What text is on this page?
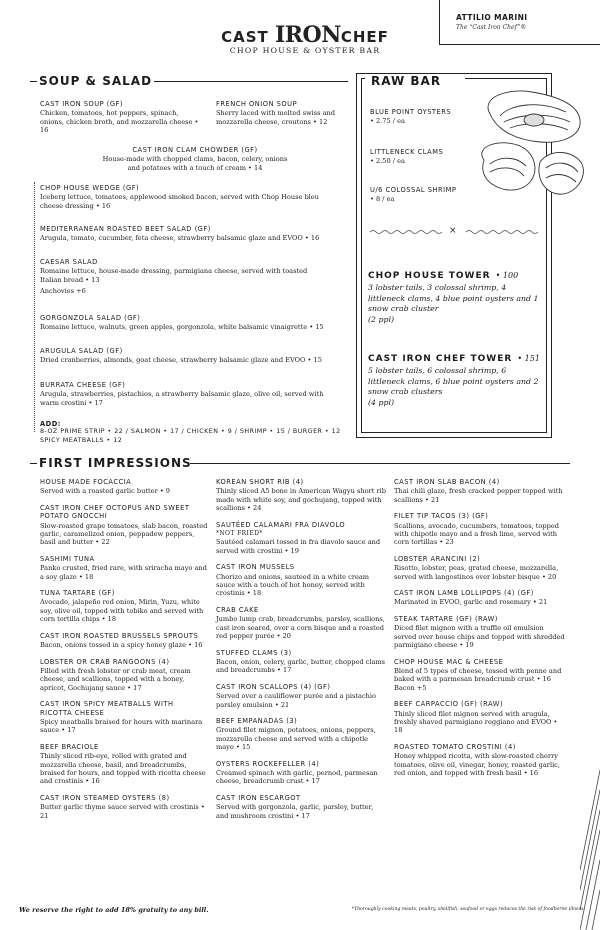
ATTILIO MARINI
The “Cast Iron Chef”®
CAST IRONCHEF
CHOP HOUSE & OYSTER BAR
SOUP & SALAD	RAW BAR
CAST IRON SOUP (GF)
Chicken, tomatoes, hot peppers, spinach, onions, chicken broth, and mozzarella cheese • 16
FRENCH ONION SOUP
Sherry laced with melted swiss and mozzarella cheese, croutons • 12
CAST IRON CLAM CHOWDER (GF)
House-made with chopped clams, bacon, celery, onions and potatoes with a touch of cream • 14
CHOP HOUSE WEDGE (GF)
Iceberg lettuce, tomatoes, applewood smoked bacon, served with Chop House bleu cheese dressing • 16
MEDITERRANEAN ROASTED BEET SALAD (GF)
Arugula, tomato, cucumber, feta cheese, strawberry balsamic glaze and EVOO • 16
CAESAR SALAD
Romaine lettuce, house-made dressing, parmigiana cheese, served with toasted Italian bread • 13
Anchovies +6
GORGONZOLA SALAD (GF)
Romaine lettuce, walnuts, green apples, gorgonzola, white balsamic vinaigrette • 15
ARUGULA SALAD (GF)
Dried cranberries, almonds, goat cheese, strawberry balsamic glaze and EVOO • 15
BURRATA CHEESE (GF)
Arugula, strawberries, pistachios, a strawberry balsamic glaze, olive oil, served with warm crostini • 17
ADD:
8-OZ PRIME STRIP • 22 / SALMON • 17 / CHICKEN • 9 / SHRIMP • 15 / BURGER • 12
SPICY MEATBALLS • 12
BLUE POINT OYSTERS
• 2.75 / ea
LITTLENECK CLAMS
• 2.50 / ea
U/6 COLOSSAL SHRIMP
• 8 / ea
×
CHOP HOUSE TOWER • 100
3 lobster tails, 3 colossal shrimp, 4 littleneck clams, 4 blue point oysters and 1 snow crab cluster
(2 ppl)
CAST IRON CHEF TOWER • 151
5 lobster tails, 6 colossal shrimp, 6 littleneck clams, 6 blue point oysters and 2 snow crab clusters
(4 ppl)
FIRST IMPRESSIONS
HOUSE MADE FOCACCIA
Served with a roasted garlic butter • 9
CAST IRON CHEF OCTOPUS AND SWEET POTATO GNOCCHI
Slow-roasted grape tomatoes, slab bacon, roasted garlic, caramelized onion, peppadew peppers, basil and butter • 22
SASHIMI TUNA
Panko crusted, fried rare, with sriracha mayo and a soy glaze • 18
TUNA TARTARE (GF)
Avocado, jalapeño red onion, Mirin, Yuzu, white soy, olive oil, topped with tobiko and served with corn tortilla chips • 18
CAST IRON ROASTED BRUSSELS SPROUTS
Bacon, onions tossed in a spicy honey glaze • 16
LOBSTER OR CRAB RANGOONS (4)
Filled with fresh lobster or crab meat, cream cheese, and scallions, topped with a honey, apricot, Gochujang sauce • 17
CAST IRON SPICY MEATBALLS WITH RICOTTA CHEESE
Spicy meatballs braised for hours with marinara sauce • 17
BEEF BRACIOLE
Thinly sliced rib-eye, rolled with grated and mozzarella cheese, basil, and breadcrumbs, braised for hours, and topped with ricotta cheese and crostinis • 16
CAST IRON STEAMED OYSTERS (8)
Butter garlic thyme sauce served with crostinis • 21
KOREAN SHORT RIB (4)
Thinly sliced A5 bone in American Wagyu short rib made with white soy, and gochujang, topped with scallions • 24
SAUTÉED CALAMARI FRA DIAVOLO
*NOT FRIED*
Sautéed calamari tossed in fra diavolo sauce and served with crostini • 19
CAST IRON MUSSELS
Chorizo and onions, sauteed in a white cream sauce with a touch of hot honey, served with crostinis • 18
CRAB CAKE
Jumbo lump crab, breadcrumbs, parsley, scallions, cast iron seared, over a corn bisque and a roasted red pepper purée • 20
STUFFED CLAMS (3)
Bacon, onion, celery, garlic, butter, chopped clams and breadcrumbs • 17
CAST IRON SCALLOPS (4) (GF)
Served over a cauliflower purée and a pistachio parsley emulsion • 21
BEEF EMPANADAS (3)
Ground filet mignon, potatoes, onions, peppers, mozzarella cheese and served with a chipotle mayo • 15
OYSTERS ROCKEFELLER (4)
Creamed spinach with garlic, pernod, parmesan cheese, breadcrumb crust • 17
CAST IRON ESCARGOT
Served with gorgonzola, garlic, parsley, butter, and mushroom crostini • 17
CAST IRON SLAB BACON (4)
Thai chili glaze, fresh cracked pepper topped with scallions • 21
FILET TIP TACOS (3) (GF)
Scallions, avocado, cucumbers, tomatoes, topped with chipotle mayo and a fresh lime, served with corn tortillas • 23
LOBSTER ARANCINI (2)
Risotto, lobster, peas, grated cheese, mozzarella, served with langostinos over lobster bisque • 20
CAST IRON LAMB LOLLIPOPS (4) (GF)
Marinated in EVOO, garlic and rosemary • 21
STEAK TARTARE (GF) (RAW)
Diced filet mignon with a truffle oil emulsion served over house chips and topped with shredded parmigiano cheese • 19
CHOP HOUSE MAC & CHEESE
Blend of 5 types of cheese, tossed with penne and baked with a parmesan breadcrumb crust • 16
Bacon +5
BEEF CARPACCIO (GF) (RAW)
Thinly sliced filet mignon served with arugula, freshly shaved parmigiano reggiano and EVOO • 18
ROASTED TOMATO CROSTINI (4)
Honey whipped ricotta, with slow-roasted cherry tomatoes, olive oil, vinegar, honey, roasted garlic, red onion, and topped with fresh basil • 16
We reserve the right to add 18% gratuity to any bill.	*Thoroughly cooking meats, poultry, shellfish, seafood or eggs reduces the risk of foodborne illness.
